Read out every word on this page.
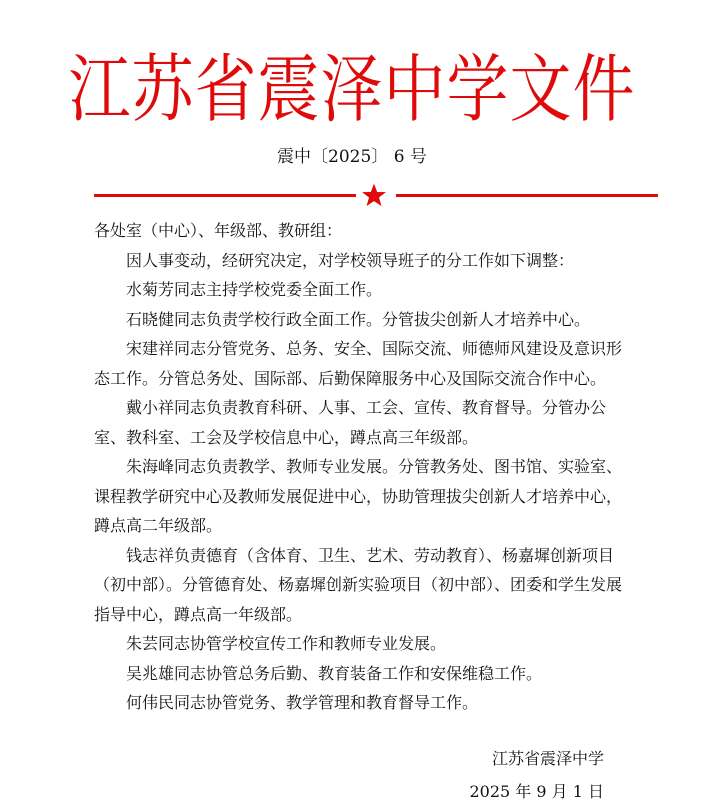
江苏省震泽中学文件
震中〔2025〕 6 号

各处室（中心）、年级部、教研组：

因人事变动，经研究决定，对学校领导班子的分工作如下调整：

水菊芳同志主持学校党委全面工作。

石晓健同志负责学校行政全面工作。分管拔尖创新人才培养中心。

宋建祥同志分管党务、总务、安全、国际交流、师德师风建设及意识形态工作。分管总务处、国际部、后勤保障服务中心及国际交流合作中心。

戴小祥同志负责教育科研、人事、工会、宣传、教育督导。分管办公室、教科室、工会及学校信息中心，蹲点高三年级部。

朱海峰同志负责教学、教师专业发展。分管教务处、图书馆、实验室、课程教学研究中心及教师发展促进中心，协助管理拔尖创新人才培养中心，蹲点高二年级部。

钱志祥负责德育（含体育、卫生、艺术、劳动教育）、杨嘉墀创新项目（初中部）。分管德育处、杨嘉墀创新实验项目（初中部）、团委和学生发展指导中心，蹲点高一年级部。

朱芸同志协管学校宣传工作和教师专业发展。

吴兆雄同志协管总务后勤、教育装备工作和安保维稳工作。

何伟民同志协管党务、教学管理和教育督导工作。

江苏省震泽中学
2025 年 9 月 1 日
